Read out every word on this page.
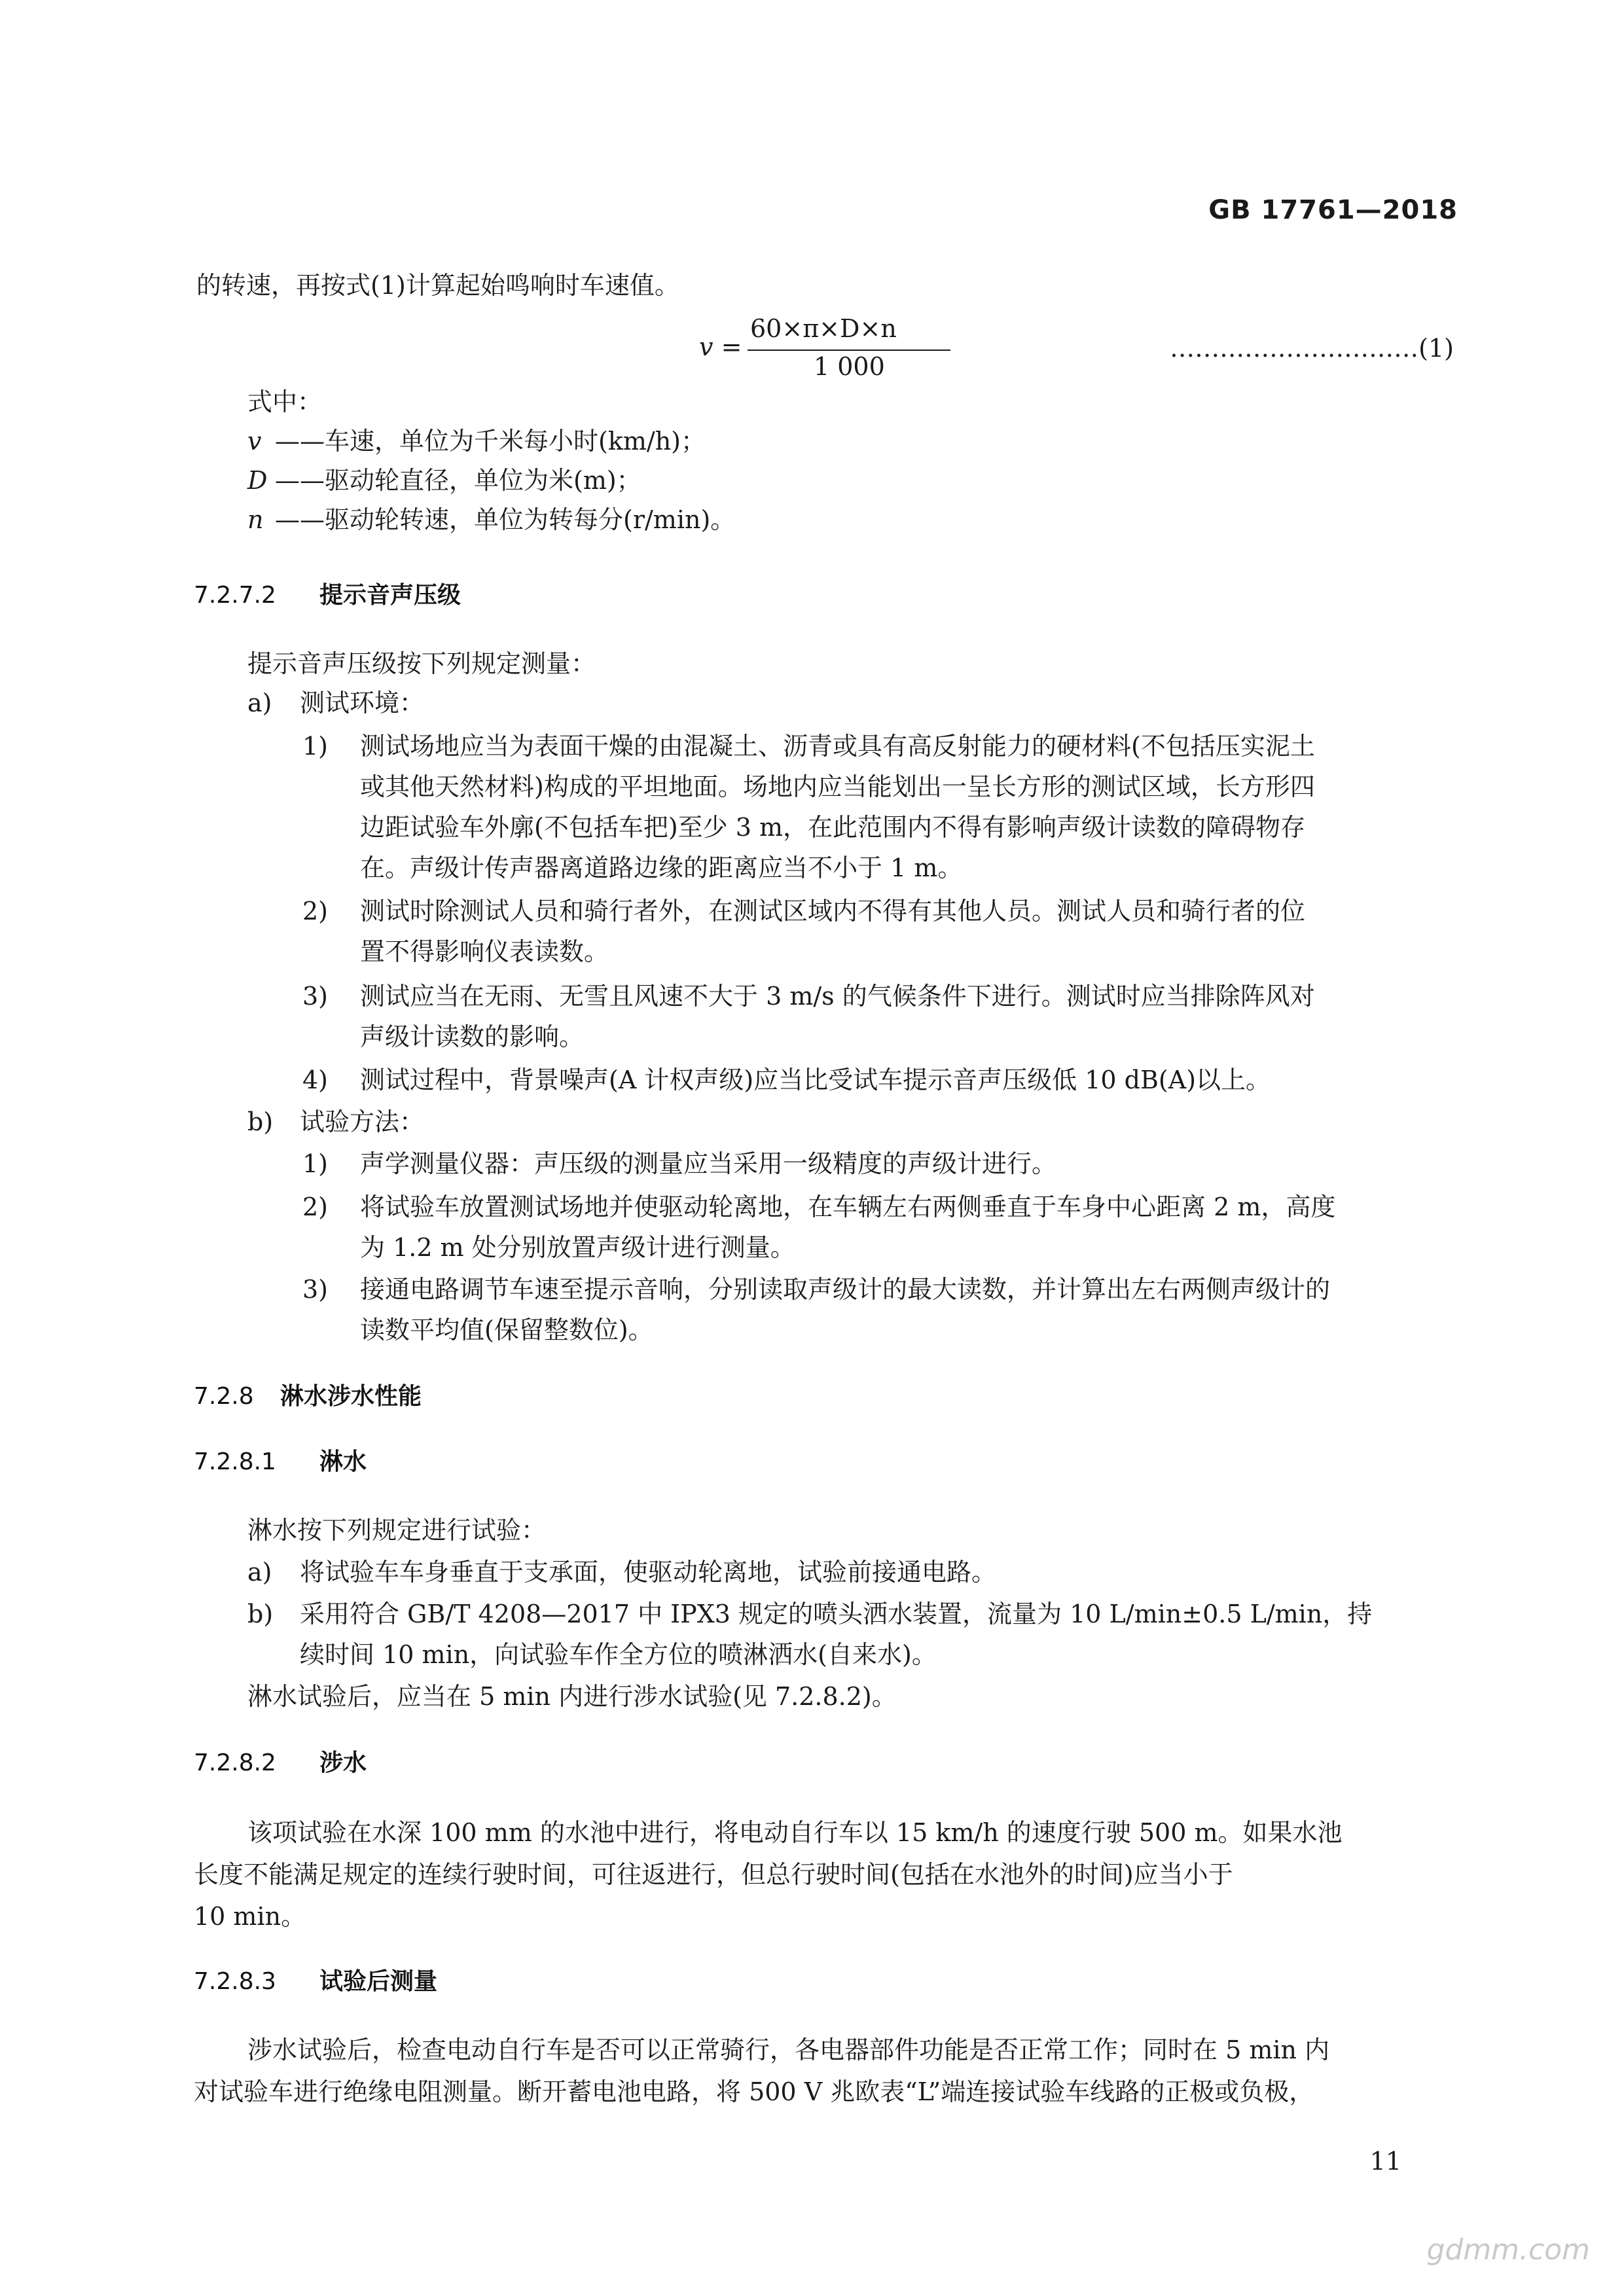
GB 17761—2018
的转速，再按式(1)计算起始鸣响时车速值。
v =
60×π×D×n
1 000
…………………………(1)
式中：
v ——车速，单位为千米每小时(km/h)；
D ——驱动轮直径，单位为米(m)；
n ——驱动轮转速，单位为转每分(r/min)。
7.2.7.2 提示音声压级
提示音声压级按下列规定测量：
a) 测试环境：
1) 测试场地应当为表面干燥的由混凝土、沥青或具有高反射能力的硬材料(不包括压实泥土
或其他天然材料)构成的平坦地面。场地内应当能划出一呈长方形的测试区域，长方形四
边距试验车外廓(不包括车把)至少 3 m，在此范围内不得有影响声级计读数的障碍物存
在。声级计传声器离道路边缘的距离应当不小于 1 m。
2) 测试时除测试人员和骑行者外，在测试区域内不得有其他人员。测试人员和骑行者的位
置不得影响仪表读数。
3) 测试应当在无雨、无雪且风速不大于 3 m/s 的气候条件下进行。测试时应当排除阵风对
声级计读数的影响。
4) 测试过程中，背景噪声(A 计权声级)应当比受试车提示音声压级低 10 dB(A)以上。
b) 试验方法：
1) 声学测量仪器：声压级的测量应当采用一级精度的声级计进行。
2) 将试验车放置测试场地并使驱动轮离地，在车辆左右两侧垂直于车身中心距离 2 m，高度
为 1.2 m 处分别放置声级计进行测量。
3) 接通电路调节车速至提示音响，分别读取声级计的最大读数，并计算出左右两侧声级计的
读数平均值(保留整数位)。
7.2.8 淋水涉水性能
7.2.8.1 淋水
淋水按下列规定进行试验：
a) 将试验车车身垂直于支承面，使驱动轮离地，试验前接通电路。
b) 采用符合 GB/T 4208—2017 中 IPX3 规定的喷头洒水装置，流量为 10 L/min±0.5 L/min，持
续时间 10 min，向试验车作全方位的喷淋洒水(自来水)。
淋水试验后，应当在 5 min 内进行涉水试验(见 7.2.8.2)。
7.2.8.2 涉水
该项试验在水深 100 mm 的水池中进行，将电动自行车以 15 km/h 的速度行驶 500 m。如果水池
长度不能满足规定的连续行驶时间，可往返进行，但总行驶时间(包括在水池外的时间)应当小于
10 min。
7.2.8.3 试验后测量
涉水试验后，检查电动自行车是否可以正常骑行，各电器部件功能是否正常工作；同时在 5 min 内
对试验车进行绝缘电阻测量。断开蓄电池电路，将 500 V 兆欧表“L”端连接试验车线路的正极或负极，
11
gdmm.com
